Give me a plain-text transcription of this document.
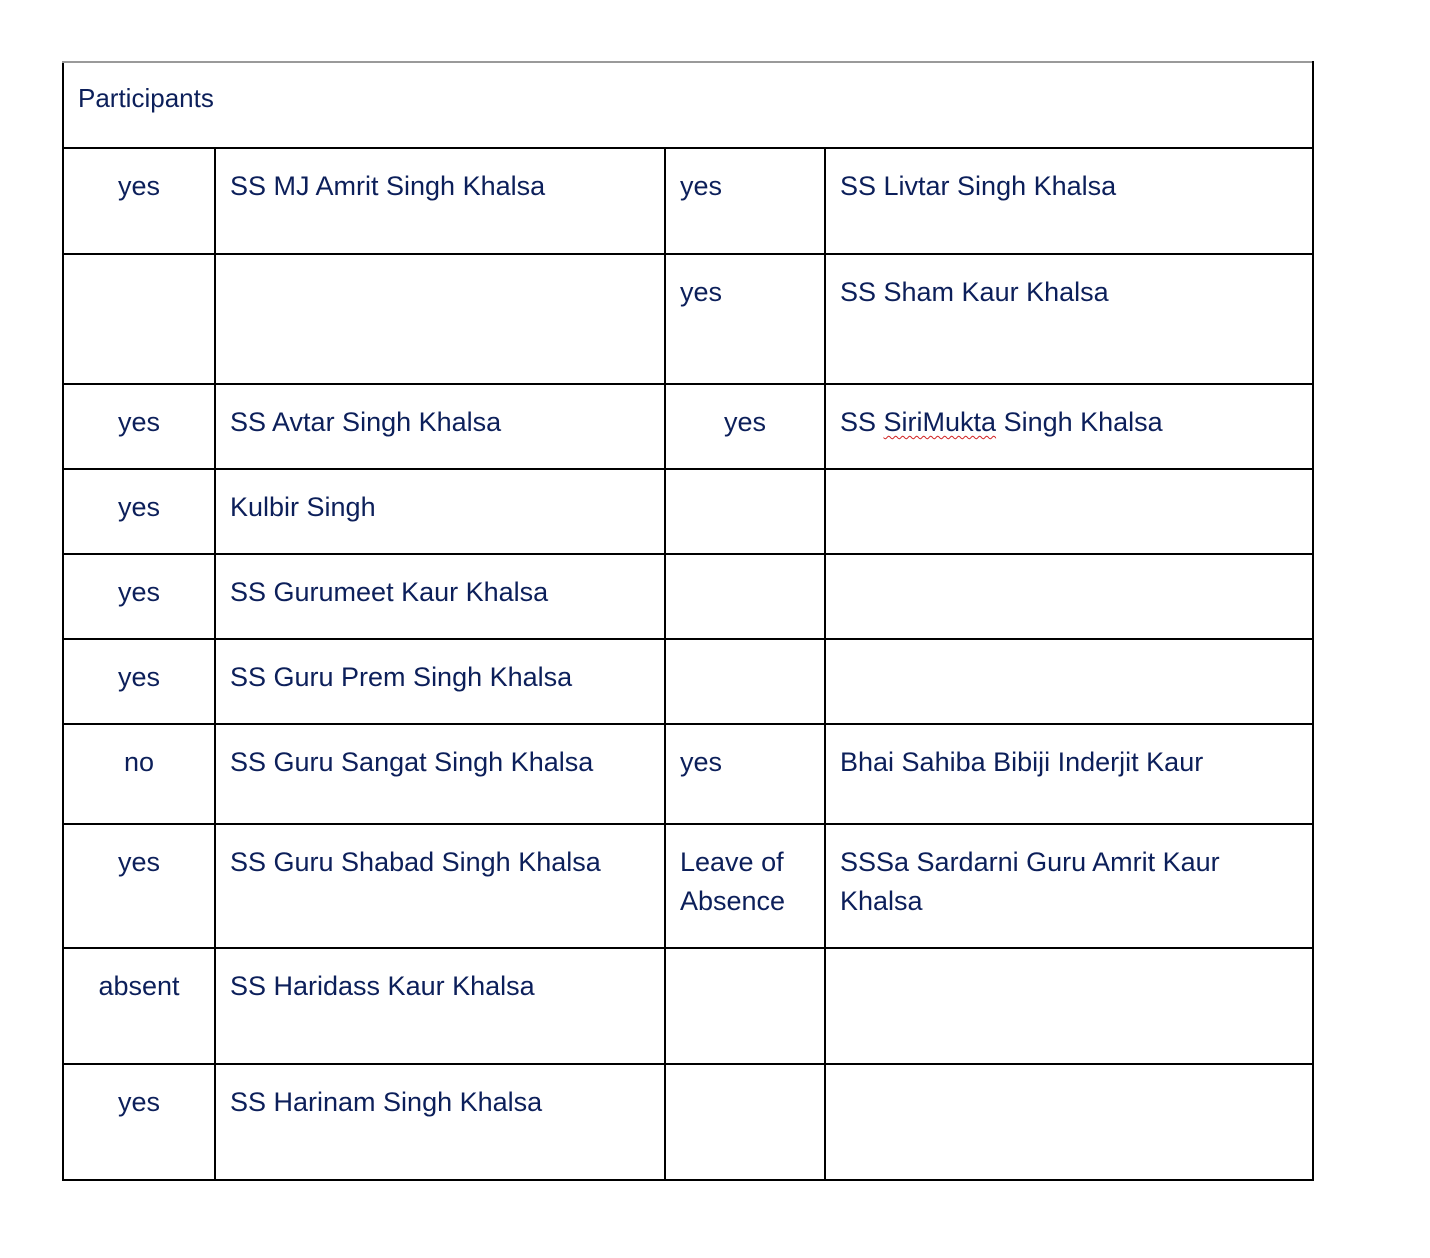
Participants			
yes	SS MJ Amrit Singh Khalsa	yes	SS Livtar Singh Khalsa
		yes	SS Sham Kaur Khalsa
yes	SS Avtar Singh Khalsa	yes	SS SiriMukta Singh Khalsa
yes	Kulbir Singh		
yes	SS Gurumeet Kaur Khalsa		
yes	SS Guru Prem Singh Khalsa		
no	SS Guru Sangat Singh Khalsa	yes	Bhai Sahiba Bibiji Inderjit Kaur
yes	SS Guru Shabad Singh Khalsa	Leave of Absence	SSSa Sardarni Guru Amrit Kaur Khalsa
absent	SS Haridass Kaur Khalsa		
yes	SS Harinam Singh Khalsa		
